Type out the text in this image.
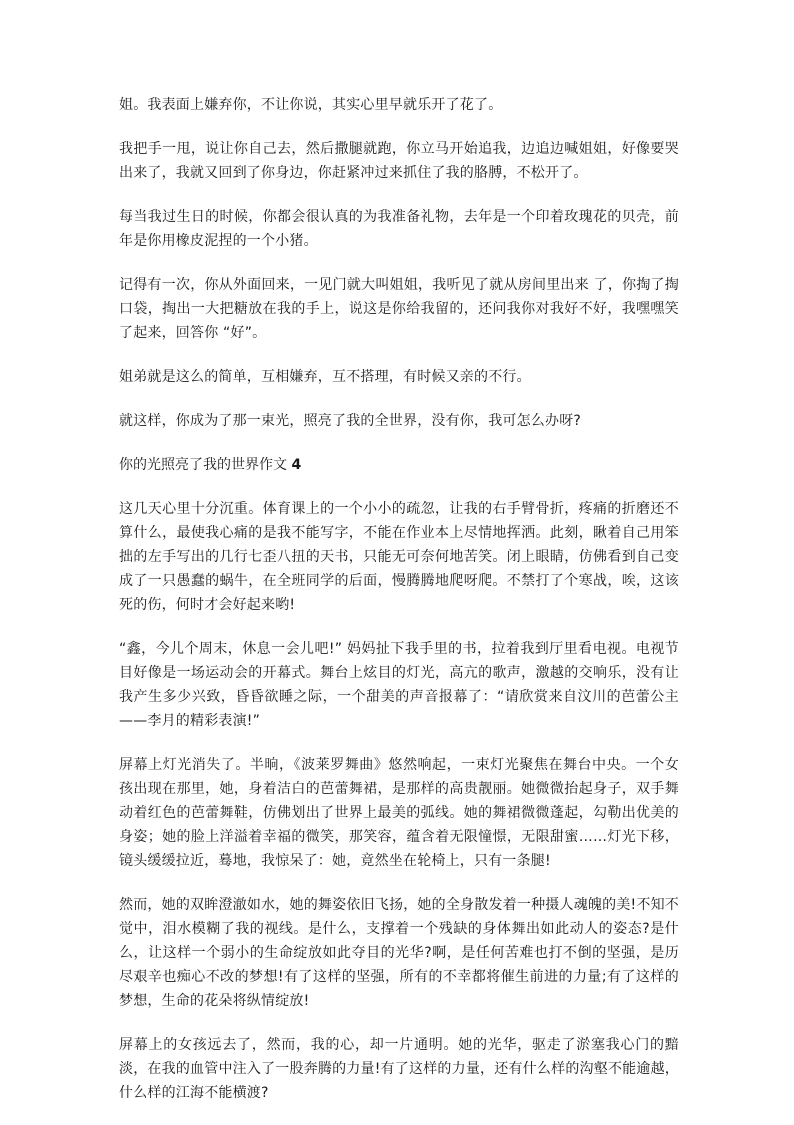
姐。我表面上嫌弃你，不让你说，其实心里早就乐开了花了。

我把手一甩，说让你自己去，然后撒腿就跑，你立马开始追我，边追边喊姐姐，好像要哭出来了，我就又回到了你身边，你赶紧冲过来抓住了我的胳膊，不松开了。

每当我过生日的时候，你都会很认真的为我准备礼物，去年是一个印着玫瑰花的贝壳，前年是你用橡皮泥捏的一个小猪。

记得有一次，你从外面回来，一见门就大叫姐姐，我听见了就从房间里出来 了，你掏了掏口袋，掏出一大把糖放在我的手上，说这是你给我留的，还问我你对我好不好，我嘿嘿笑了起来，回答你 “好”。

姐弟就是这么的简单，互相嫌弃，互不搭理，有时候又亲的不行。

就这样，你成为了那一束光，照亮了我的全世界，没有你，我可怎么办呀?

你的光照亮了我的世界作文 4

这几天心里十分沉重。体育课上的一个小小的疏忽，让我的右手臂骨折，疼痛的折磨还不算什么，最使我心痛的是我不能写字，不能在作业本上尽情地挥洒。此刻，瞅着自己用笨拙的左手写出的几行七歪八扭的天书，只能无可奈何地苦笑。闭上眼睛，仿佛看到自己变成了一只愚蠢的蜗牛，在全班同学的后面，慢腾腾地爬呀爬。不禁打了个寒战，唉，这该死的伤，何时才会好起来哟!

“鑫，今儿个周末，休息一会儿吧!” 妈妈扯下我手里的书，拉着我到厅里看电视。电视节目好像是一场运动会的开幕式。舞台上炫目的灯光，高亢的歌声，激越的交响乐，没有让我产生多少兴致，昏昏欲睡之际，一个甜美的声音报幕了：“请欣赏来自汶川的芭蕾公主——李月的精彩表演!”

屏幕上灯光消失了。半晌，《波莱罗舞曲》悠然响起，一束灯光聚焦在舞台中央。一个女孩出现在那里，她，身着洁白的芭蕾舞裙，是那样的高贵靓丽。她微微抬起身子，双手舞动着红色的芭蕾舞鞋，仿佛划出了世界上最美的弧线。她的舞裙微微蓬起，勾勒出优美的身姿；她的脸上洋溢着幸福的微笑，那笑容，蕴含着无限憧憬，无限甜蜜……灯光下移，镜头缓缓拉近，蓦地，我惊呆了：她，竟然坐在轮椅上，只有一条腿!

然而，她的双眸澄澈如水，她的舞姿依旧飞扬，她的全身散发着一种摄人魂魄的美!不知不觉中，泪水模糊了我的视线。是什么，支撑着一个残缺的身体舞出如此动人的姿态?是什么，让这样一个弱小的生命绽放如此夺目的光华?啊，是任何苦难也打不倒的坚强，是历尽艰辛也痴心不改的梦想!有了这样的坚强，所有的不幸都将催生前进的力量;有了这样的梦想，生命的花朵将纵情绽放!

屏幕上的女孩远去了，然而，我的心，却一片通明。她的光华，驱走了淤塞我心门的黯淡，在我的血管中注入了一股奔腾的力量!有了这样的力量，还有什么样的沟壑不能逾越，什么样的江海不能横渡?
